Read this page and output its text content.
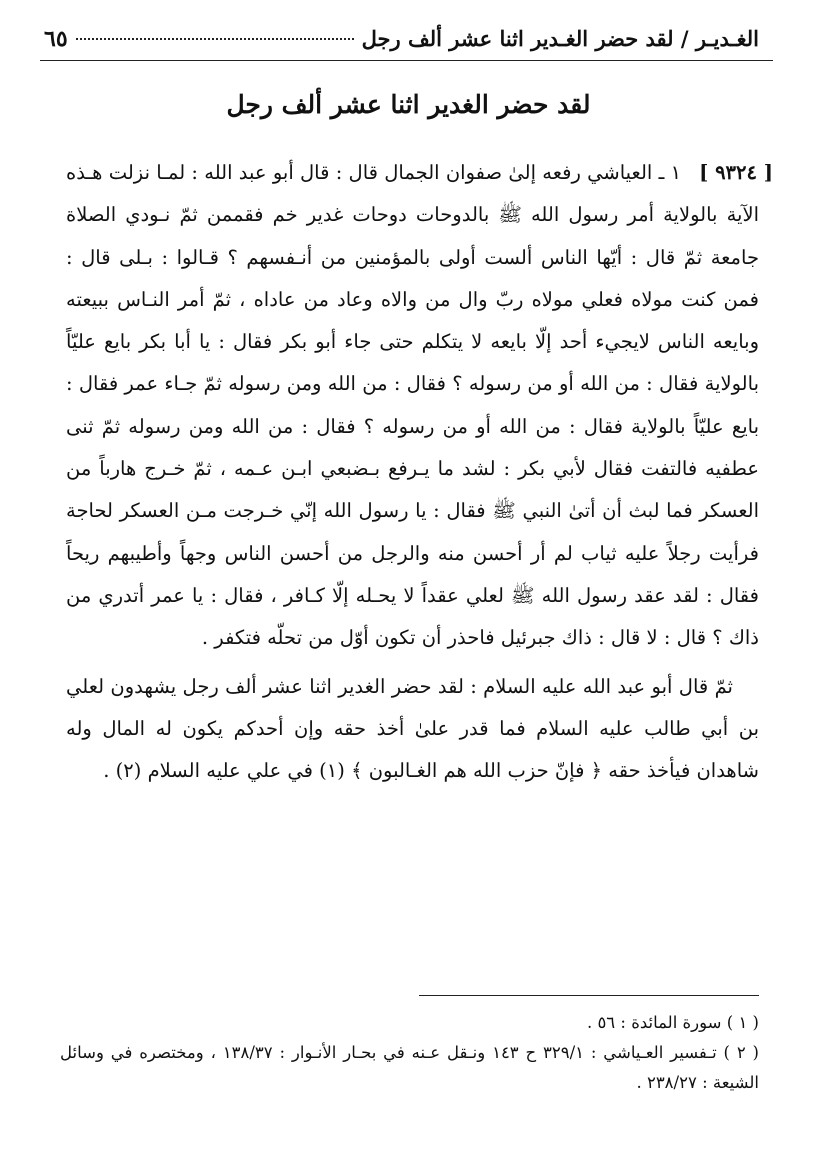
الغـديـر / لقد حضر الغـدير اثنا عشر ألف رجل
٦٥
لقد حضر الغدير اثنا عشر ألف رجل

[ ٩٣٢٤ ]
١ ـ العياشي رفعه إلىٰ صفوان الجمال قال : قال أبو عبد الله : لمـا نزلت هـذه الآية بالولاية أمر رسول الله ﷺ بالدوحات دوحات غدير خم فقممن ثمّ نـودي الصلاة جامعة ثمّ قال : أيّها الناس ألست أولى بالمؤمنين من أنـفسهم ؟ قـالوا : بـلى قال : فمن كنت مولاه فعلي مولاه ربّ وال من والاه وعاد من عاداه ، ثمّ أمر النـاس ببيعته وبايعه الناس لايجيء أحد إلّا بايعه لا يتكلم حتى جاء أبو بكر فقال : يا أبا بكر بايع عليّاً بالولاية فقال : من الله أو من رسوله ؟ فقال : من الله ومن رسوله ثمّ جـاء عمر فقال : بايع عليّاً بالولاية فقال : من الله أو من رسوله ؟ فقال : من الله ومن رسوله ثمّ ثنى عطفيه فالتفت فقال لأبي بكر : لشد ما يـرفع بـضبعي ابـن عـمه ، ثمّ خـرج هارباً من العسكر فما لبث أن أتىٰ النبي ﷺ فقال : يا رسول الله إنّي خـرجت مـن العسكر لحاجة فرأيت رجلاً عليه ثياب لم أر أحسن منه والرجل من أحسن الناس وجهاً وأطيبهم ريحاً فقال : لقد عقد رسول الله ﷺ لعلي عقداً لا يحـله إلّا كـافر ، فقال : يا عمر أتدري من ذاك ؟ قال : لا قال : ذاك جبرئيل فاحذر أن تكون أوّل من تحلّه فتكفر .

ثمّ قال أبو عبد الله عليه السلام : لقد حضر الغدير اثنا عشر ألف رجل يشهدون لعلي بن أبي طالب عليه السلام فما قدر علىٰ أخذ حقه وإن أحدكم يكون له المال وله شاهدان فيأخذ حقه ﴿ فإنّ حزب الله هم الغـالبون ﴾ (١) في علي عليه السلام (٢) .

( ١ ) سورة المائدة : ٥٦ .

( ٢ ) تـفسير العـياشي : ٣٢٩/١ ح ١٤٣ ونـقل عـنه في بحـار الأنـوار : ١٣٨/٣٧ ، ومختصره في وسائل الشيعة : ٢٣٨/٢٧ .
